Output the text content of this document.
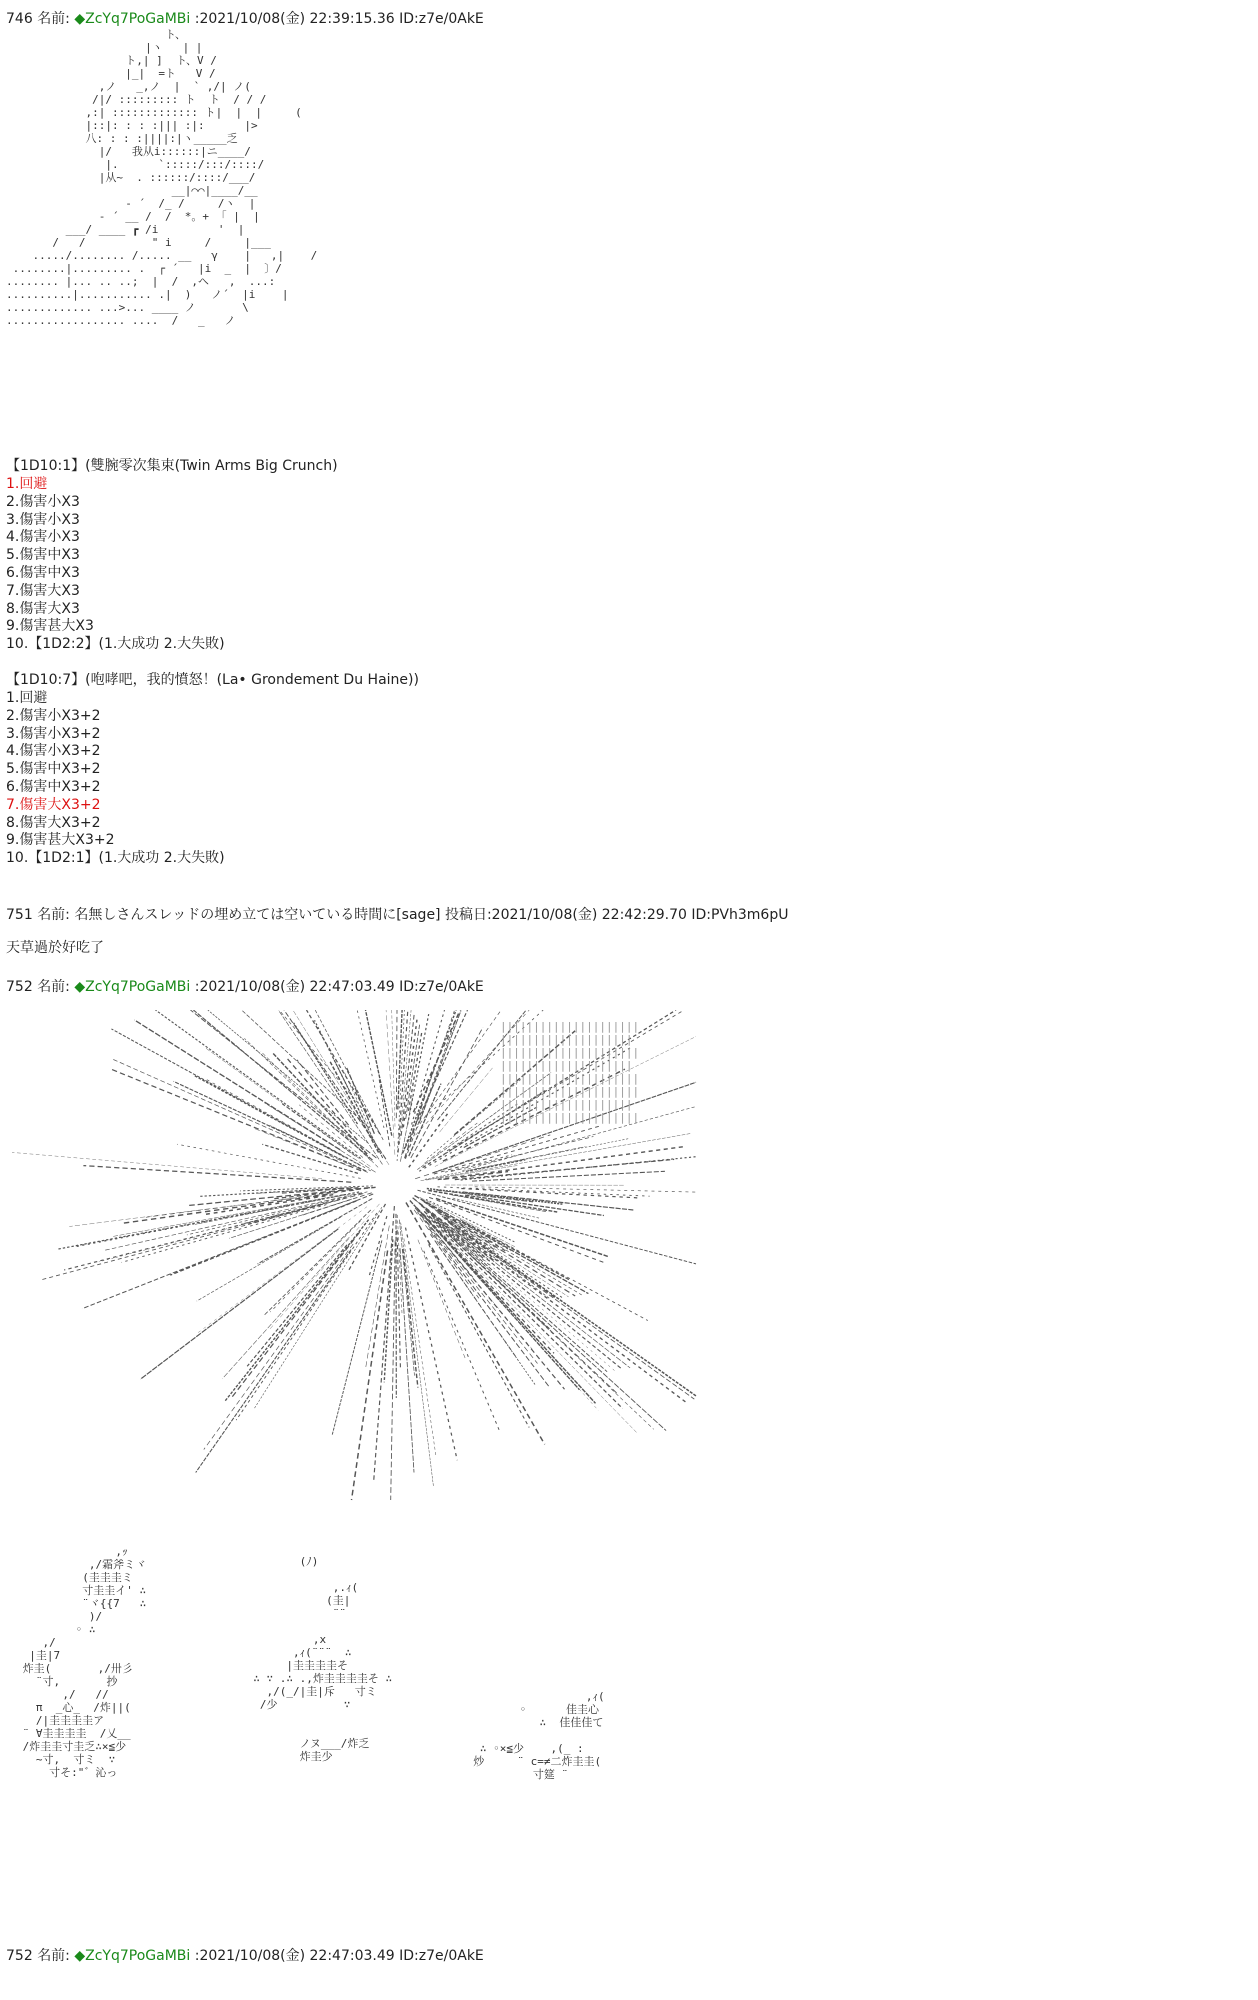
746 名前: ◆ZcYq7PoGaMBi :2021/10/08(金) 22:39:15.36 ID:z7e/0AkE
ト、
|ヽ   | |
ト,| ]  ト、V /
|_|  =ト   V /
,ノ   _,ノ  |  ` ,/| ノ(
/|/ ::::::::: ト  ト  / / /
,:| ::::::::::::: ト|  |  |     (
|::|: : : :||| :|:      |>
八: : : :||||:|ヽ_____乏
|/   我从i::::::|ニ____/
|.      `:::::/:::/::::/
|从~  . ::::::/::::/___/
__|⌒⌒|____/__
- ´  /_ /     /ヽ  |
- ´ __ /  /  *。+ 「 |  |
___/ ____ ┏ /i         '  |
/   /          " i     /     |___
...../........ /..... __   γ    |   ,|    /
........|......... .  ┌ ´   |i  _  |  〕/
........ |... .. ..;  |  /  ,ヘ   ,  ...:
..........|........... .|  )   ノ´  |i    |
............. ...>... ____ ノ       \
.................. ....  /   _   ノ
【1D10:1】(雙腕零次集束(Twin Arms Big Crunch)
1.回避
2.傷害小X3
3.傷害小X3
4.傷害小X3
5.傷害中X3
6.傷害中X3
7.傷害大X3
8.傷害大X3
9.傷害甚大X3
10.【1D2:2】(1.大成功 2.大失敗)
【1D10:7】(咆哮吧，我的憤怒！(La• Grondement Du Haine))
1.回避
2.傷害小X3+2
3.傷害小X3+2
4.傷害小X3+2
5.傷害中X3+2
6.傷害中X3+2
7.傷害大X3+2
8.傷害大X3+2
9.傷害甚大X3+2
10.【1D2:1】(1.大成功 2.大失敗)
751 名前: 名無しさんスレッドの埋め立ては空いている時間に[sage] 投稿日:2021/10/08(金) 22:42:29.70 ID:PVh3m6pU
天草過於好吃了
752 名前: ◆ZcYq7PoGaMBi :2021/10/08(金) 22:47:03.49 ID:z7e/0AkE
|||||||||||||||||||||
||||||||||||||||||||
|||||||||||||||||||||
||||||||||||||||||||
|||||||||||||||||||||
|||||||||||||||||||||
||||||||||||||||||||
|||||||||||||||||||||
,ｯ
,/霜斧ミヾ
(圭圭圭ミ
寸圭圭イ' ∴
¨ヾ{{7   ∴
)/
◦ ∴
,/
|圭|7
炸圭(       ,/卅彡
¨寸,       抄
,/   //
π  _心_  /炸||(
/|圭圭圭圭ア
¨ ∀圭圭圭圭  /乂__
/炸圭圭寸圭乏∴×≦少
~寸,  寸ミ  ∵
寸そ:"゛沁っ
(ﾉ)

,.ｨ(
(圭|
¨¨

,x
,ｨ(¨¨¨  ∴
|圭圭圭圭そ
∴ ∵ .∴ .,炸圭圭圭圭そ ∴
,/(_/|圭|斥   寸ミ
/少          ∵

ノヌ___/炸乏
炸圭少
,ｨ(
◦      佳圭心
∴  佳佳佳て

∴ ◦×≦少    ,(_ :
炒     ¨ c=≠二炸圭圭(
寸筵 ¨
752 名前: ◆ZcYq7PoGaMBi :2021/10/08(金) 22:47:03.49 ID:z7e/0AkE
